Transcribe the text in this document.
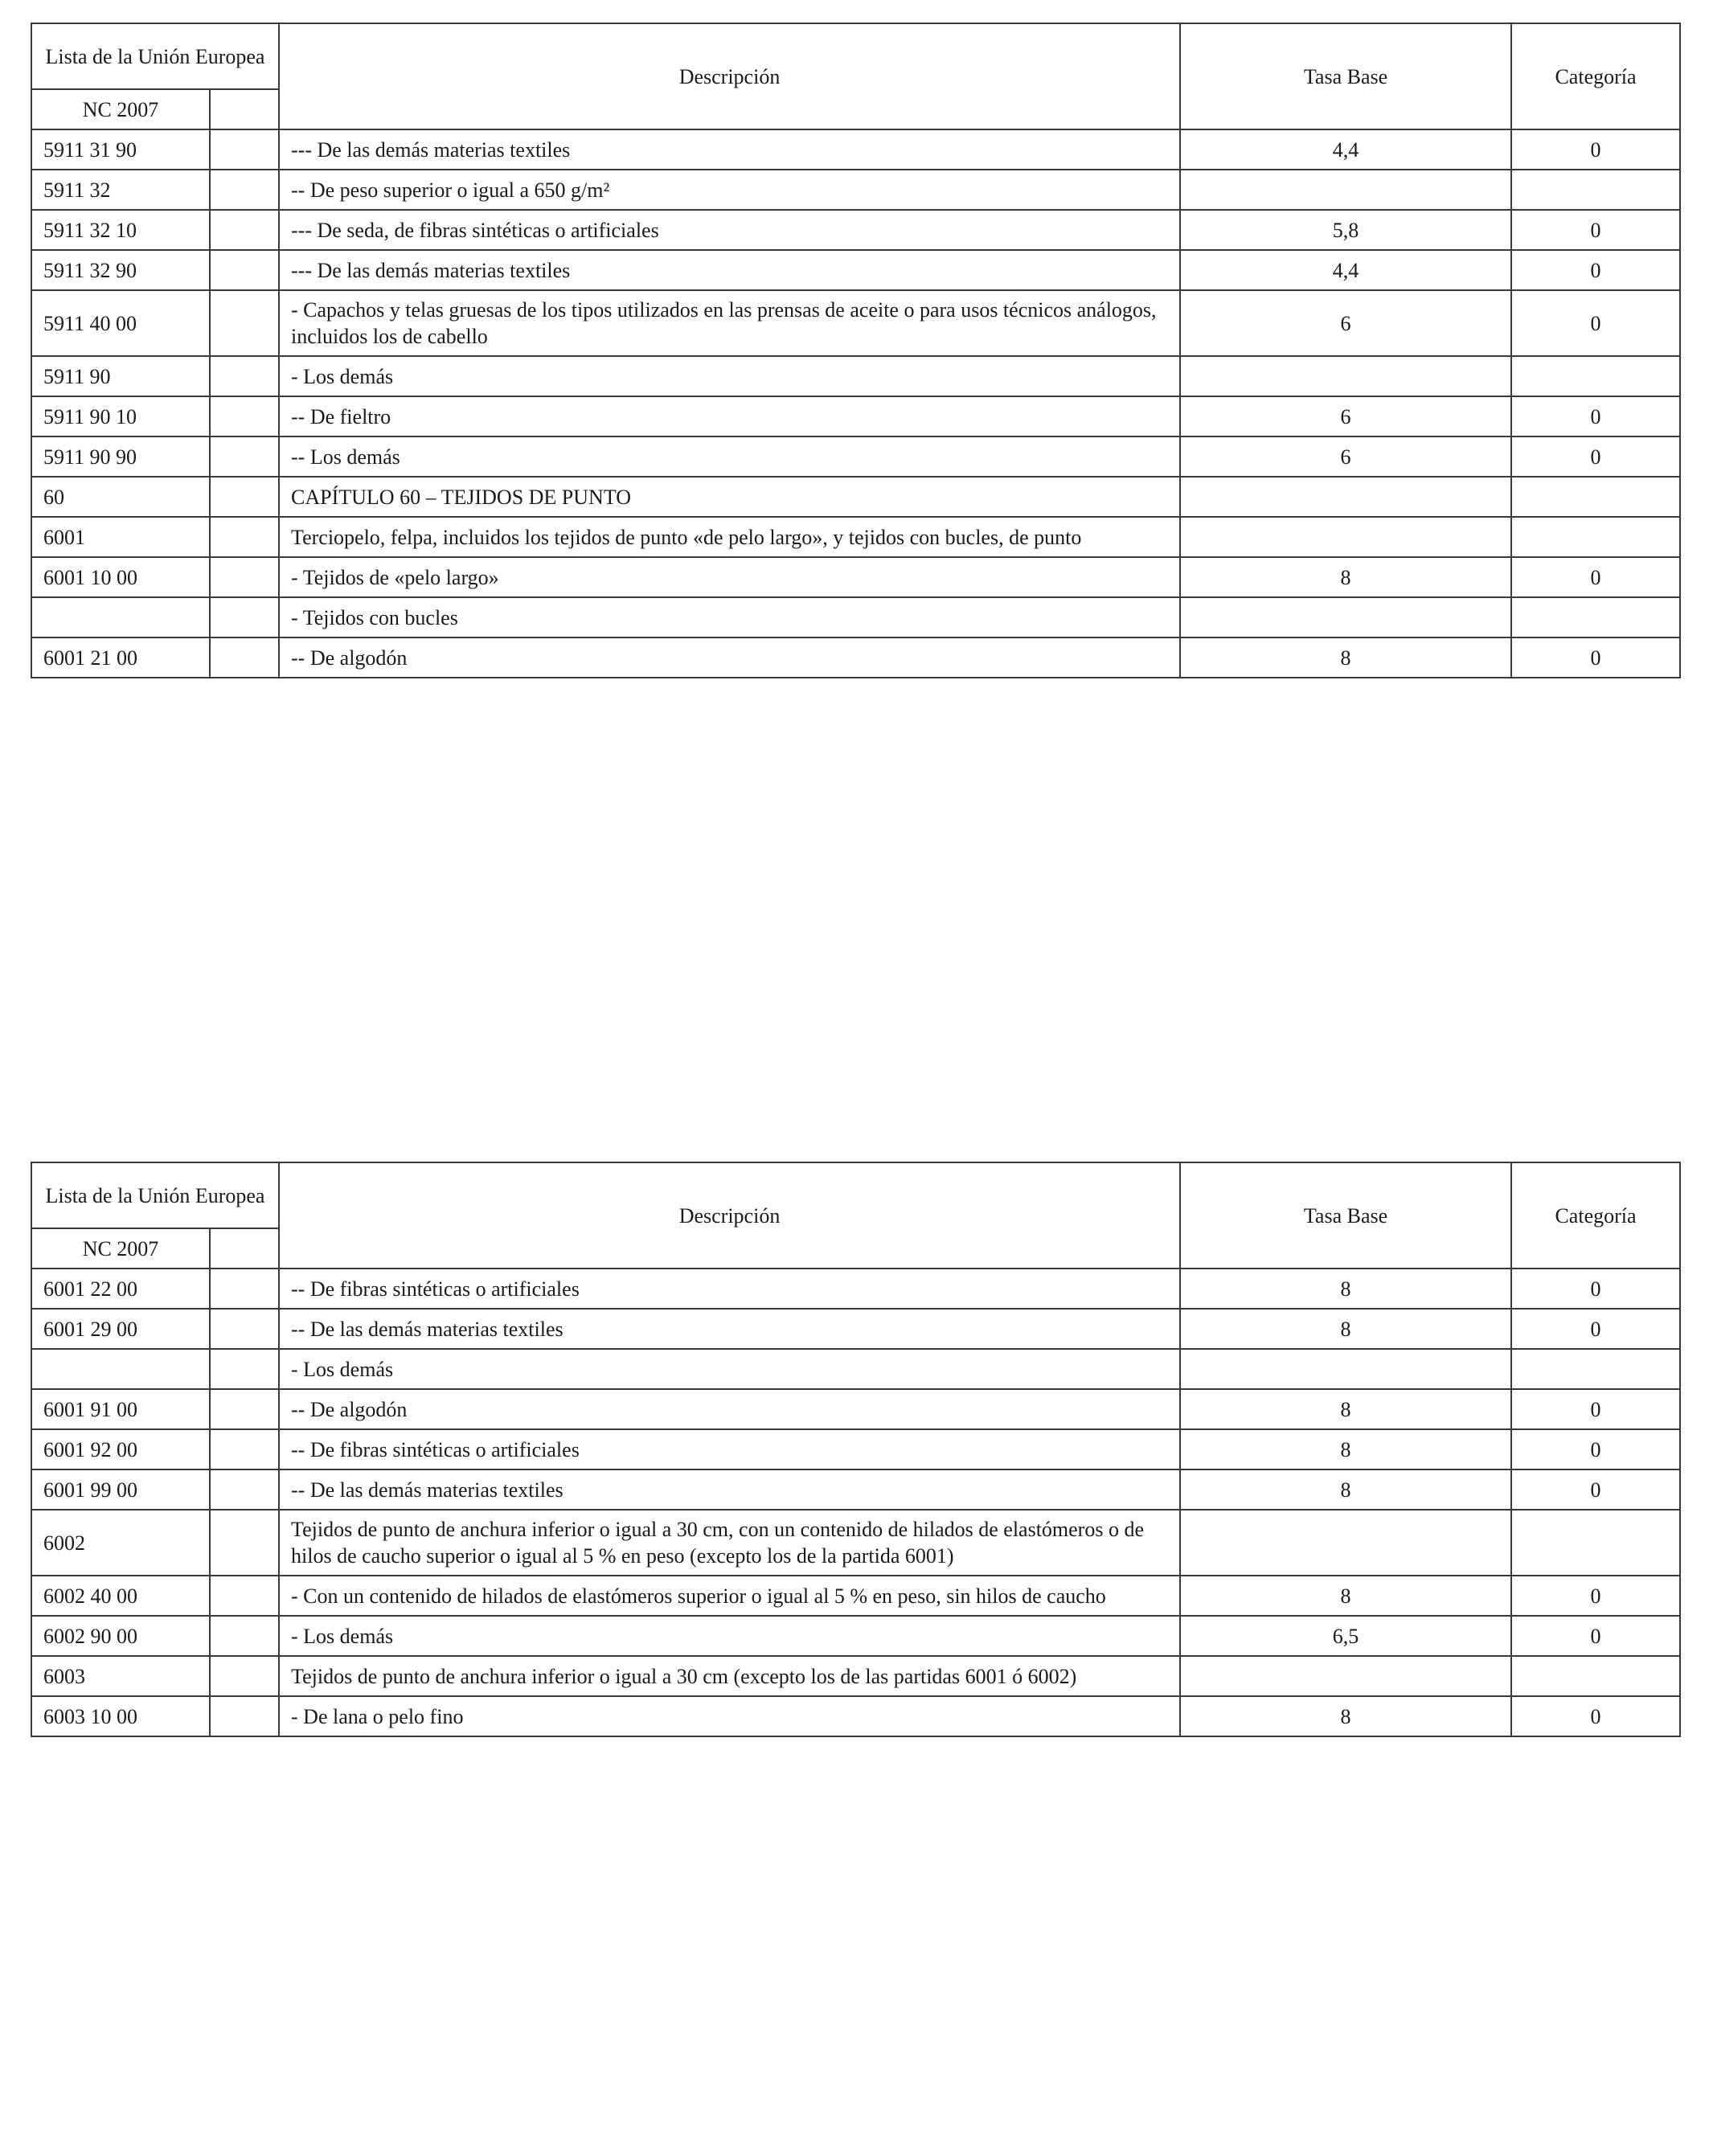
Lista de la Unión Europea		Descripción	Tasa Base	Categoría
NC 2007				
5911 31 90		--- De las demás materias textiles	4,4	0
5911 32		-- De peso superior o igual a 650 g/m²		
5911 32 10		--- De seda, de fibras sintéticas o artificiales	5,8	0
5911 32 90		--- De las demás materias textiles	4,4	0
5911 40 00		- Capachos y telas gruesas de los tipos utilizados en las prensas de aceite o para usos técnicos análogos, incluidos los de cabello	6	0
5911 90		- Los demás		
5911 90 10		-- De fieltro	6	0
5911 90 90		-- Los demás	6	0
60		CAPÍTULO 60 – TEJIDOS DE PUNTO		
6001		Terciopelo, felpa, incluidos los tejidos de punto «de pelo largo», y tejidos con bucles, de punto		
6001 10 00		- Tejidos de «pelo largo»	8	0
		- Tejidos con bucles		
6001 21 00		-- De algodón	8	0
Lista de la Unión Europea		Descripción	Tasa Base	Categoría
NC 2007				
6001 22 00		-- De fibras sintéticas o artificiales	8	0
6001 29 00		-- De las demás materias textiles	8	0
		- Los demás		
6001 91 00		-- De algodón	8	0
6001 92 00		-- De fibras sintéticas o artificiales	8	0
6001 99 00		-- De las demás materias textiles	8	0
6002		Tejidos de punto de anchura inferior o igual a 30 cm, con un contenido de hilados de elastómeros o de hilos de caucho superior o igual al 5 % en peso (excepto los de la partida 6001)		
6002 40 00		- Con un contenido de hilados de elastómeros superior o igual al 5 % en peso, sin hilos de caucho	8	0
6002 90 00		- Los demás	6,5	0
6003		Tejidos de punto de anchura inferior o igual a 30 cm (excepto los de las partidas 6001 ó 6002)		
6003 10 00		- De lana o pelo fino	8	0
